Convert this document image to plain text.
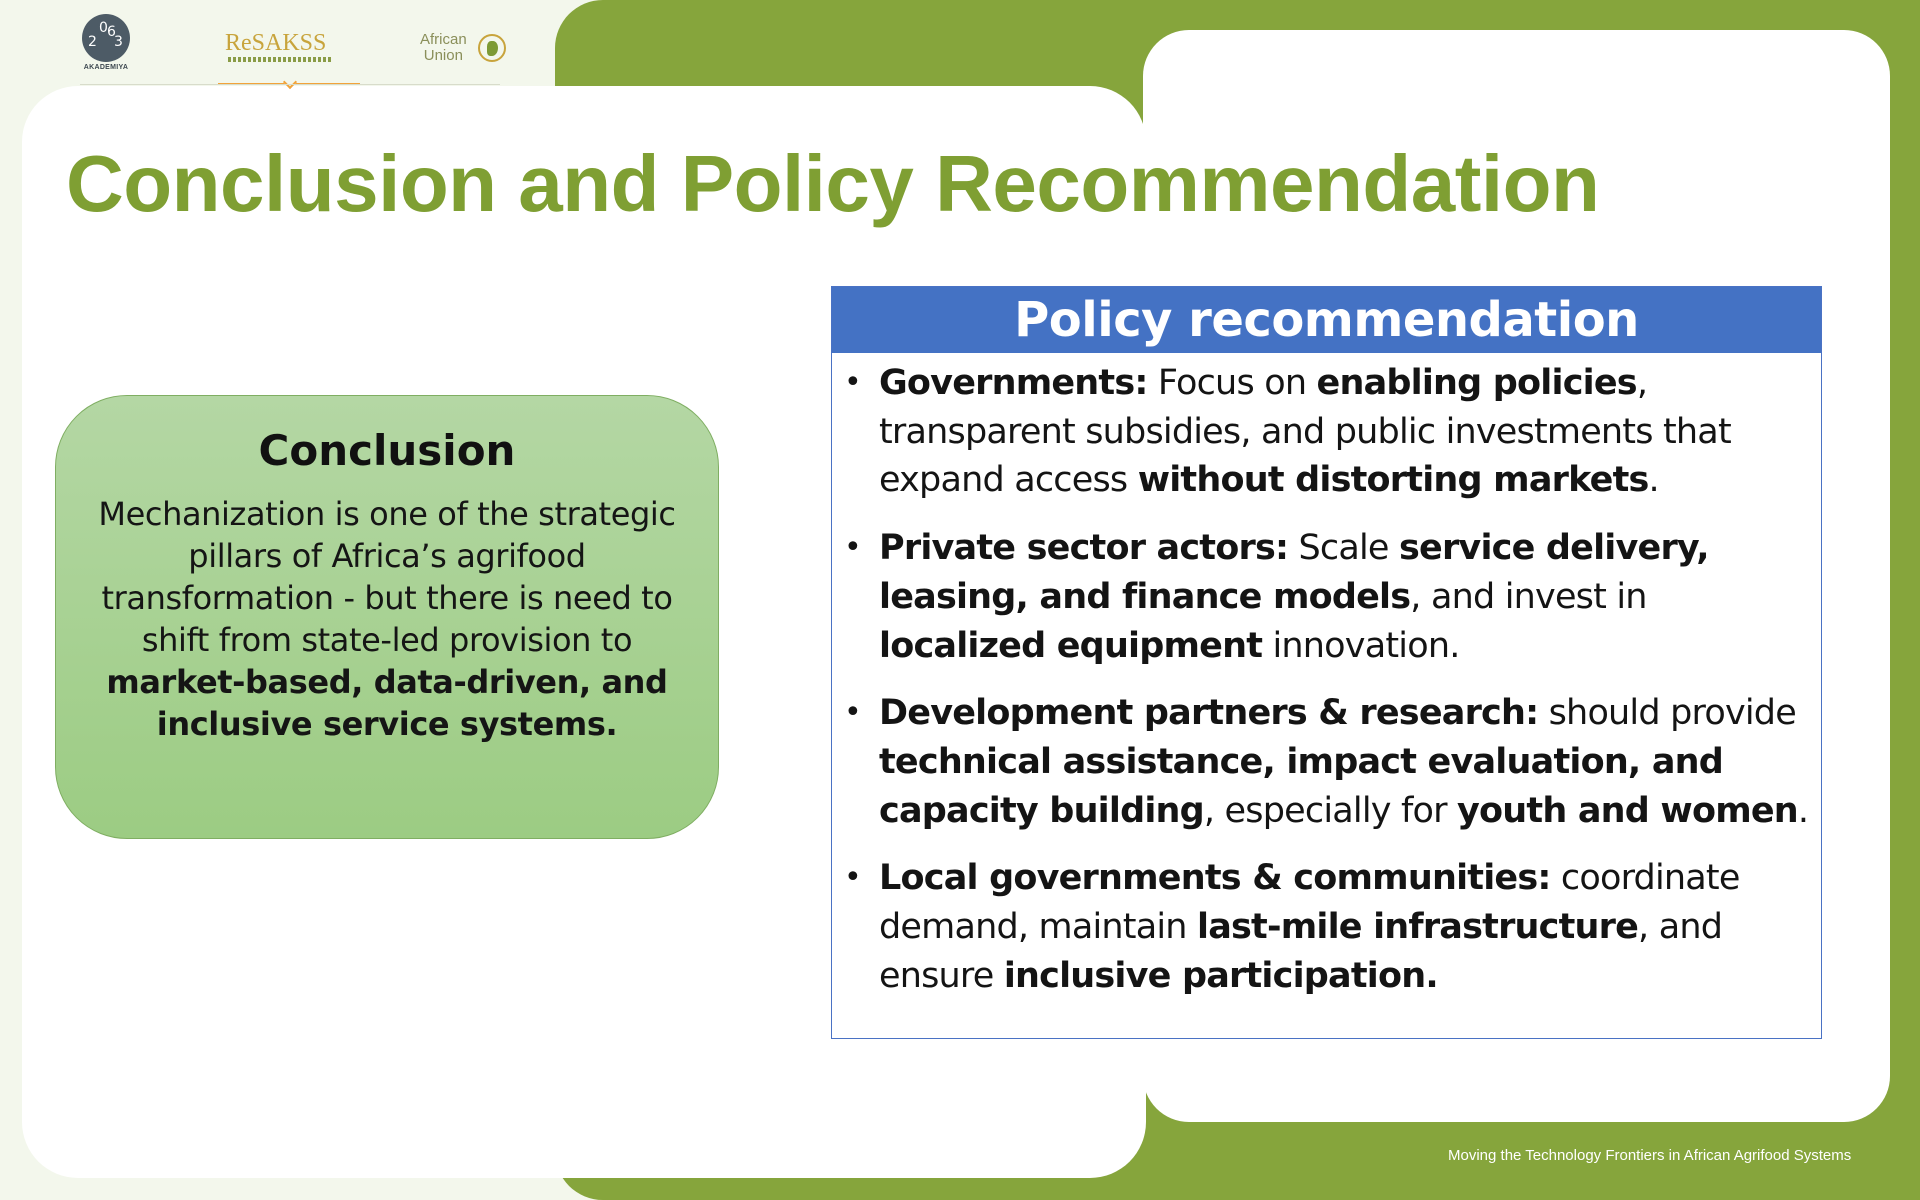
2
0 6
3
AKADEMIYA
ReSAKSS	African
Union
Conclusion and Policy Recommendation

Conclusion

Mechanization is one of the strategic pillars of Africa’s agrifood transformation - but there is need to shift from state-led provision to market-based, data-driven, and inclusive service systems.

Policy recommendation
• Governments: Focus on enabling policies, transparent subsidies, and public investments that expand access without distorting markets.
• Private sector actors: Scale service delivery, leasing, and finance models, and invest in localized equipment innovation.
• Development partners & research: should provide technical assistance, impact evaluation, and capacity building, especially for youth and women.
• Local governments & communities: coordinate demand, maintain last-mile infrastructure, and ensure inclusive participation.
Moving the Technology Frontiers in African Agrifood Systems
